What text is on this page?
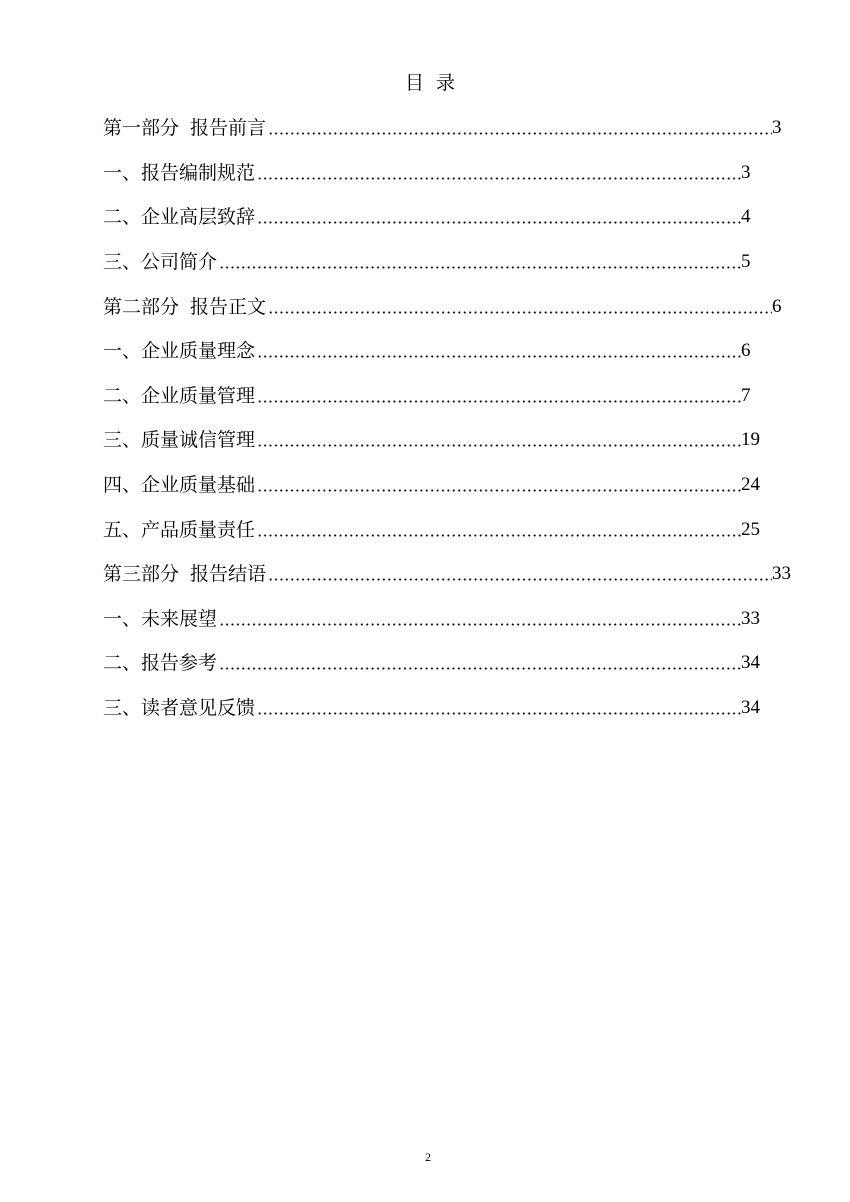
目 录
第一部分 报告前言	3
一、报告编制规范	3
二、企业高层致辞	4
三、公司简介	5
第二部分 报告正文	6
一、企业质量理念	6
二、企业质量管理	7
三、质量诚信管理	19
四、企业质量基础	24
五、产品质量责任	25
第三部分 报告结语	33
一、未来展望	33
二、报告参考	34
三、读者意见反馈	34
2
